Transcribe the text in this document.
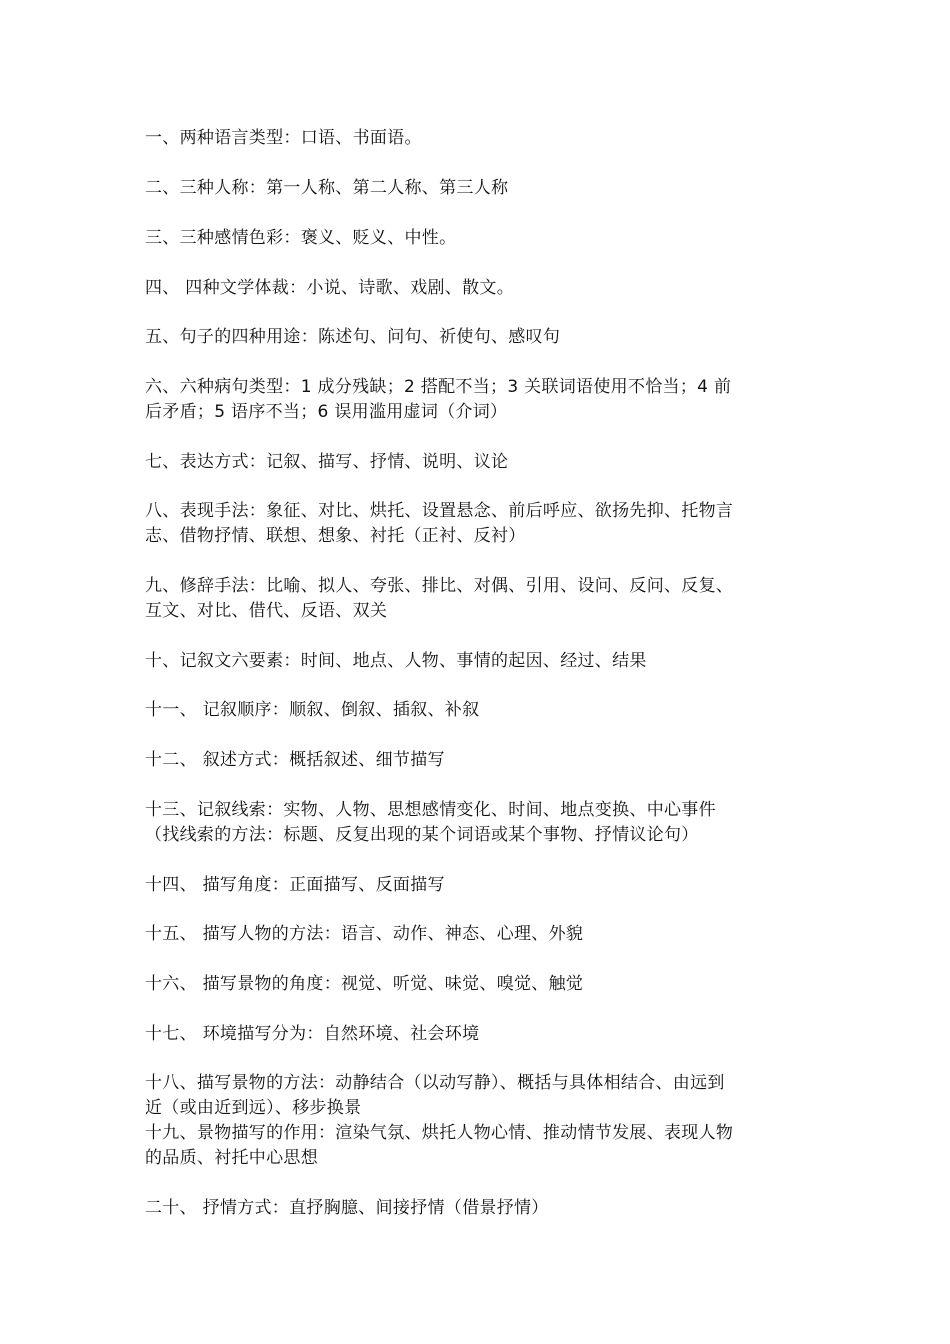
一、两种语言类型：口语、书面语。

二、三种人称：第一人称、第二人称、第三人称

三、三种感情色彩：褒义、贬义、中性。

四、 四种文学体裁：小说、诗歌、戏剧、散文。

五、句子的四种用途：陈述句、问句、祈使句、感叹句

六、六种病句类型：1 成分残缺；2 搭配不当；3 关联词语使用不恰当；4 前

后矛盾；5 语序不当；6 误用滥用虚词（介词）

七、表达方式：记叙、描写、抒情、说明、议论

八、表现手法：象征、对比、烘托、设置悬念、前后呼应、欲扬先抑、托物言

志、借物抒情、联想、想象、衬托（正衬、反衬）

九、修辞手法：比喻、拟人、夸张、排比、对偶、引用、设问、反问、反复、

互文、对比、借代、反语、双关

十、记叙文六要素：时间、地点、人物、事情的起因、经过、结果

十一、 记叙顺序：顺叙、倒叙、插叙、补叙

十二、 叙述方式：概括叙述、细节描写

十三、记叙线索：实物、人物、思想感情变化、时间、地点变换、中心事件

（找线索的方法：标题、反复出现的某个词语或某个事物、抒情议论句）

十四、 描写角度：正面描写、反面描写

十五、 描写人物的方法：语言、动作、神态、心理、外貌

十六、 描写景物的角度：视觉、听觉、味觉、嗅觉、触觉

十七、 环境描写分为：自然环境、社会环境

十八、描写景物的方法：动静结合（以动写静）、概括与具体相结合、由远到

近（或由近到远）、移步换景

十九、景物描写的作用：渲染气氛、烘托人物心情、推动情节发展、表现人物

的品质、衬托中心思想

二十、 抒情方式：直抒胸臆、间接抒情（借景抒情）
